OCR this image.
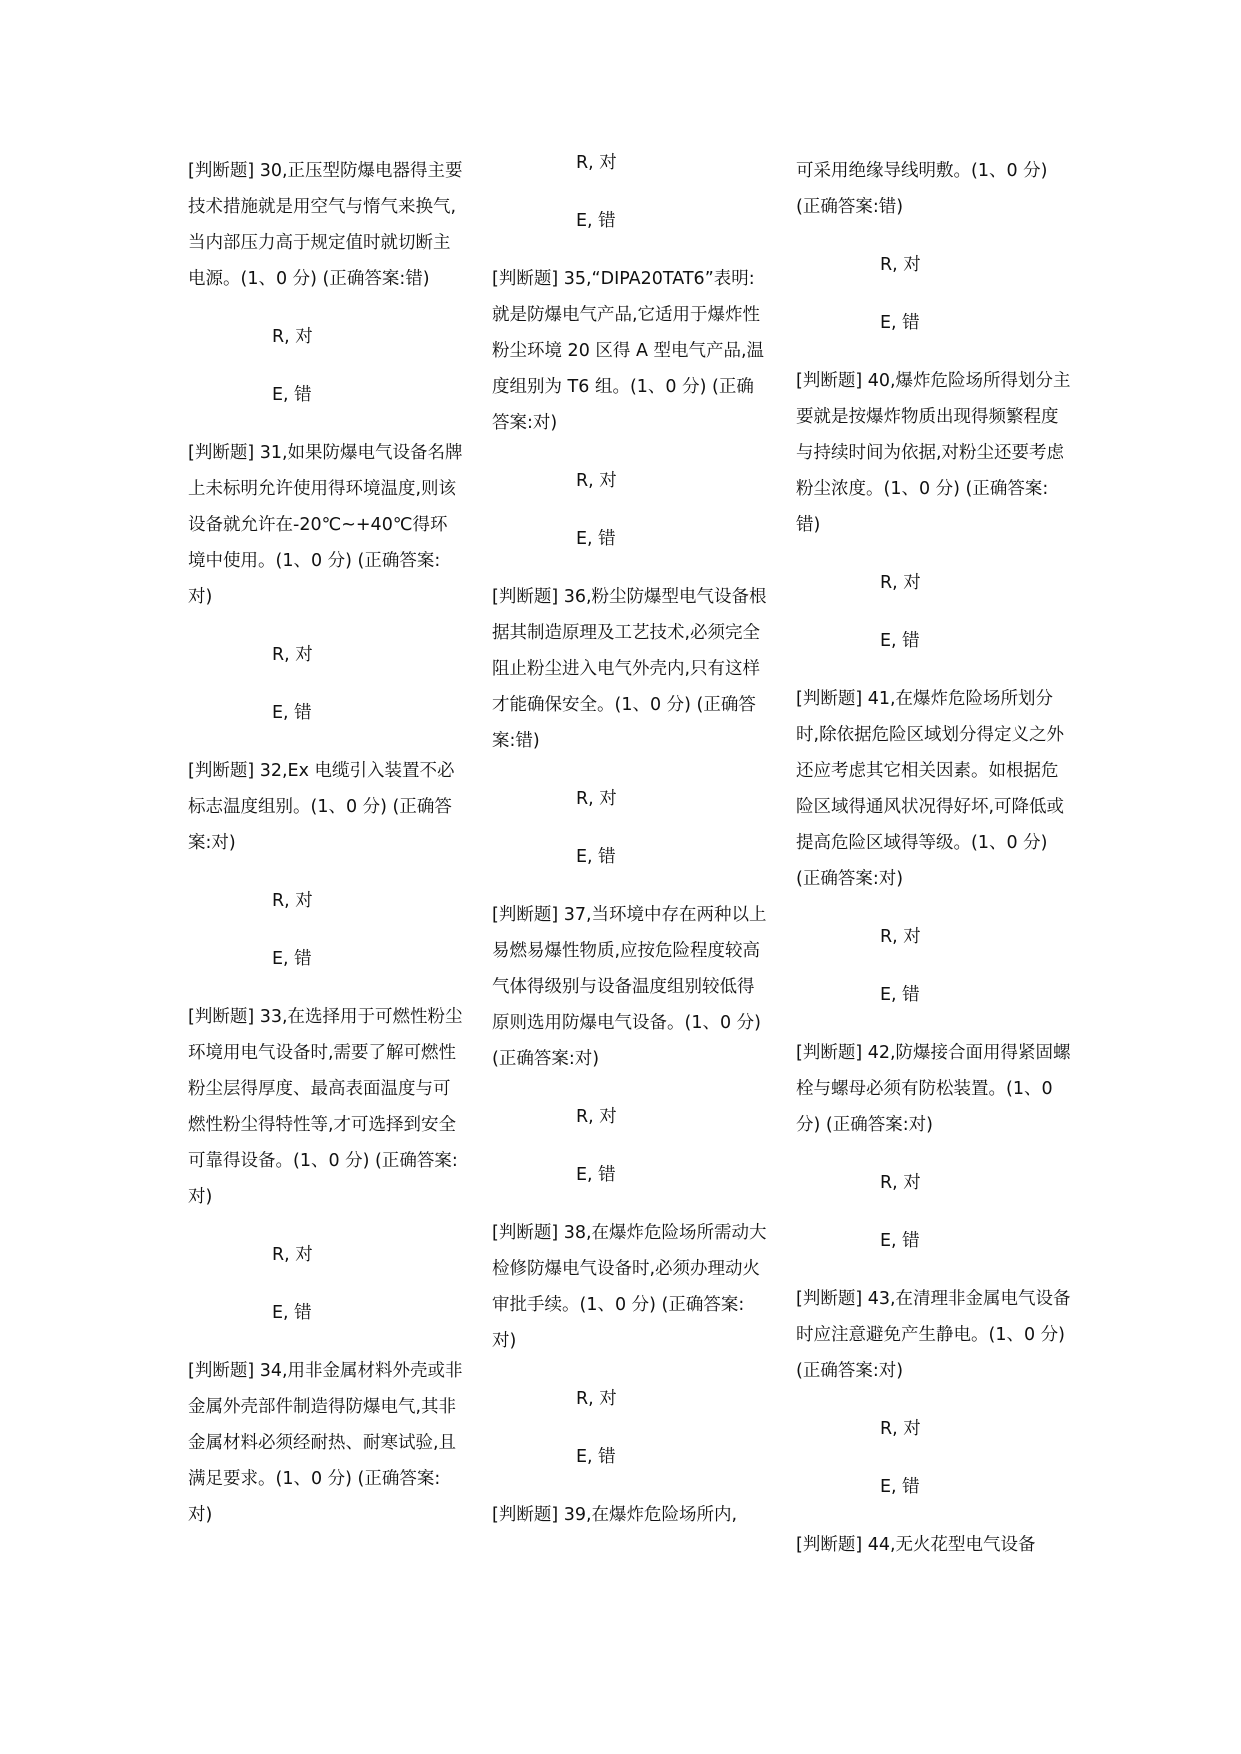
[判断题] 30,正压型防爆电器得主要技术措施就是用空气与惰气来换气,当内部压力高于规定值时就切断主电源。(1、0 分) (正确答案:错)
R, 对
E, 错
[判断题] 31,如果防爆电气设备名牌上未标明允许使用得环境温度,则该设备就允许在-20℃~+40℃得环境中使用。(1、0 分) (正确答案:对)
R, 对
E, 错
[判断题] 32,Ex 电缆引入装置不必标志温度组别。(1、0 分) (正确答案:对)
R, 对
E, 错
[判断题] 33,在选择用于可燃性粉尘环境用电气设备时,需要了解可燃性粉尘层得厚度、最高表面温度与可燃性粉尘得特性等,才可选择到安全可靠得设备。(1、0 分) (正确答案:对)
R, 对
E, 错
[判断题] 34,用非金属材料外壳或非金属外壳部件制造得防爆电气,其非金属材料必须经耐热、耐寒试验,且满足要求。(1、0 分) (正确答案:对)
R, 对
E, 错
[判断题] 35,“DIPA20TAT6”表明:就是防爆电气产品,它适用于爆炸性粉尘环境 20 区得 A 型电气产品,温度组别为 T6 组。(1、0 分) (正确答案:对)
R, 对
E, 错
[判断题] 36,粉尘防爆型电气设备根据其制造原理及工艺技术,必须完全阻止粉尘进入电气外壳内,只有这样才能确保安全。(1、0 分) (正确答案:错)
R, 对
E, 错
[判断题] 37,当环境中存在两种以上易燃易爆性物质,应按危险程度较高气体得级别与设备温度组别较低得原则选用防爆电气设备。(1、0 分) (正确答案:对)
R, 对
E, 错
[判断题] 38,在爆炸危险场所需动大检修防爆电气设备时,必须办理动火审批手续。(1、0 分) (正确答案:对)
R, 对
E, 错
[判断题] 39,在爆炸危险场所内,
可采用绝缘导线明敷。(1、0 分) (正确答案:错)
R, 对
E, 错
[判断题] 40,爆炸危险场所得划分主要就是按爆炸物质出现得频繁程度与持续时间为依据,对粉尘还要考虑粉尘浓度。(1、0 分) (正确答案:错)
R, 对
E, 错
[判断题] 41,在爆炸危险场所划分时,除依据危险区域划分得定义之外还应考虑其它相关因素。如根据危险区域得通风状况得好坏,可降低或提高危险区域得等级。(1、0 分) (正确答案:对)
R, 对
E, 错
[判断题] 42,防爆接合面用得紧固螺栓与螺母必须有防松装置。(1、0 分) (正确答案:对)
R, 对
E, 错
[判断题] 43,在清理非金属电气设备时应注意避免产生静电。(1、0 分) (正确答案:对)
R, 对
E, 错
[判断题] 44,无火花型电气设备
